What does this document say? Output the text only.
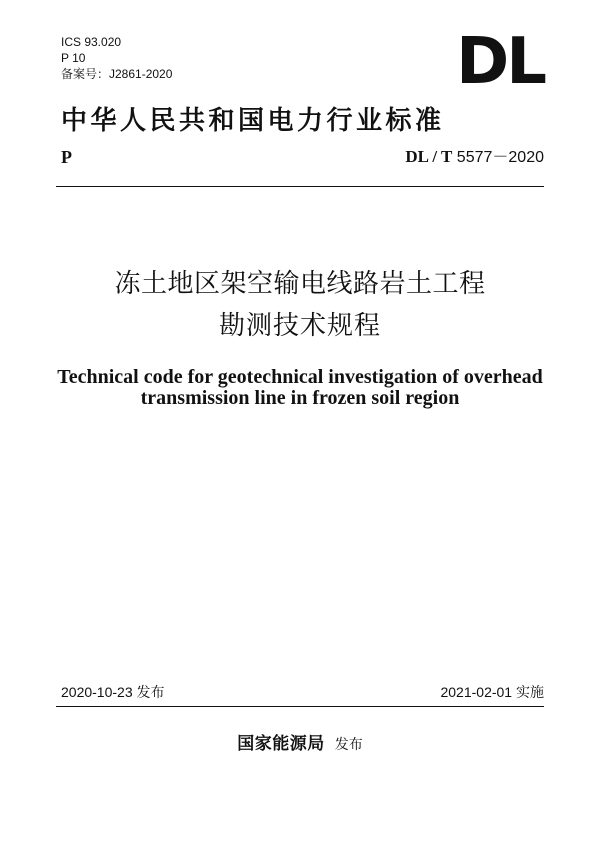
ICS 93.020
P 10
备案号：J2861-2020	DL
中华人民共和国电力行业标准
P	DL / T 5577－2020
冻土地区架空输电线路岩土工程
勘测技术规程
Technical code for geotechnical investigation of overhead
transmission line in frozen soil region
2020-10-23 发布	2021-02-01 实施
国家能源局 发布
